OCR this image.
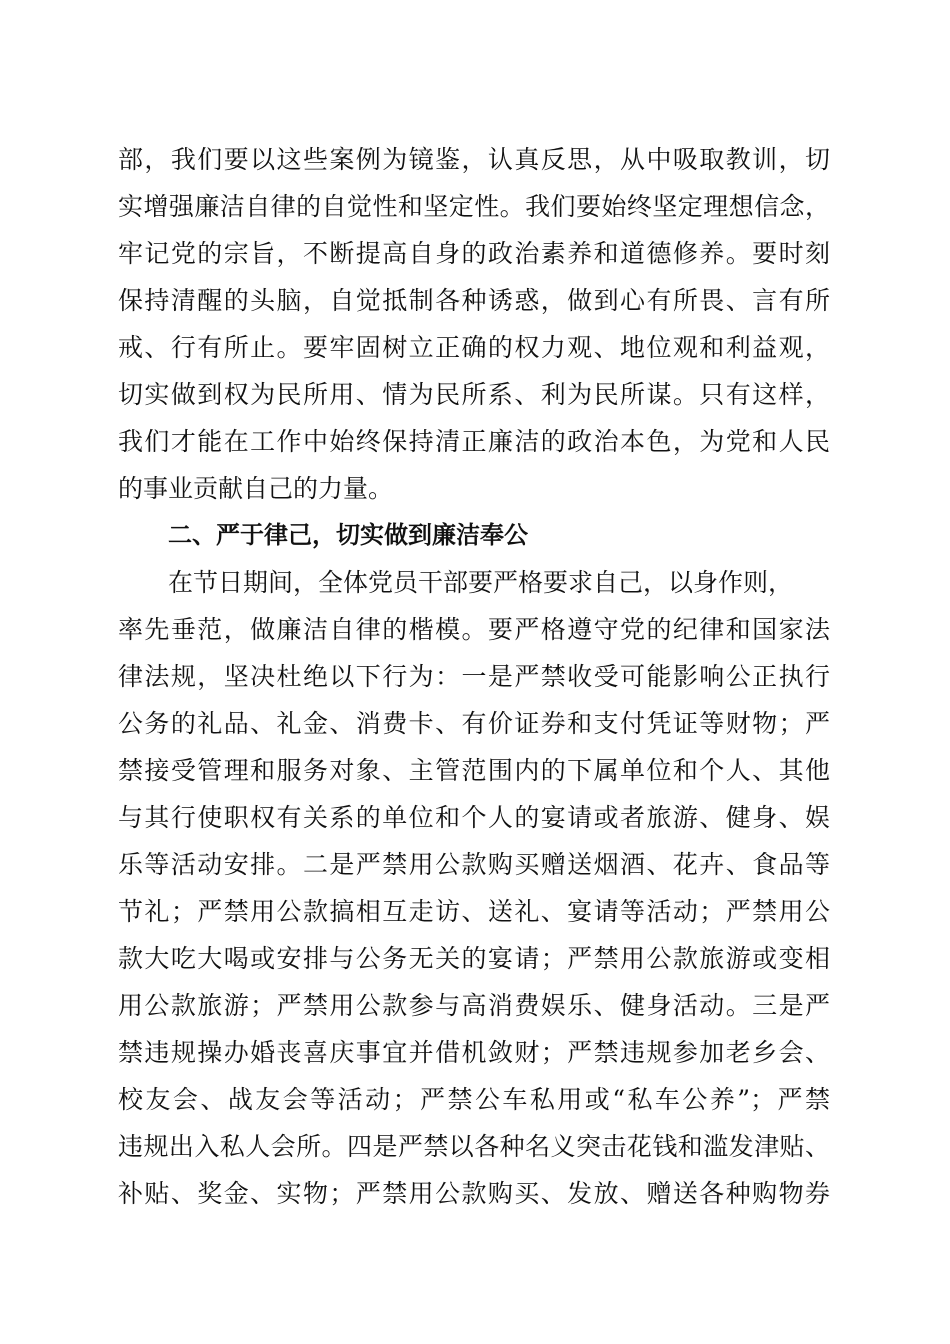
部，我们要以这些案例为镜鉴，认真反思，从中吸取教训，切
实增强廉洁自律的自觉性和坚定性。我们要始终坚定理想信念，
牢记党的宗旨，不断提高自身的政治素养和道德修养。要时刻
保持清醒的头脑，自觉抵制各种诱惑，做到心有所畏、言有所
戒、行有所止。要牢固树立正确的权力观、地位观和利益观，
切实做到权为民所用、情为民所系、利为民所谋。只有这样，
我们才能在工作中始终保持清正廉洁的政治本色，为党和人民
的事业贡献自己的力量。
二、严于律己，切实做到廉洁奉公
在节日期间，全体党员干部要严格要求自己，以身作则，
率先垂范，做廉洁自律的楷模。要严格遵守党的纪律和国家法
律法规，坚决杜绝以下行为：一是严禁收受可能影响公正执行
公务的礼品、礼金、消费卡、有价证券和支付凭证等财物；严
禁接受管理和服务对象、主管范围内的下属单位和个人、其他
与其行使职权有关系的单位和个人的宴请或者旅游、健身、娱
乐等活动安排。二是严禁用公款购买赠送烟酒、花卉、食品等
节礼；严禁用公款搞相互走访、送礼、宴请等活动；严禁用公
款大吃大喝或安排与公务无关的宴请；严禁用公款旅游或变相
用公款旅游；严禁用公款参与高消费娱乐、健身活动。三是严
禁违规操办婚丧喜庆事宜并借机敛财；严禁违规参加老乡会、
校友会、战友会等活动；严禁公车私用或“私车公养”；严禁
违规出入私人会所。四是严禁以各种名义突击花钱和滥发津贴、
补贴、奖金、实物；严禁用公款购买、发放、赠送各种购物券
